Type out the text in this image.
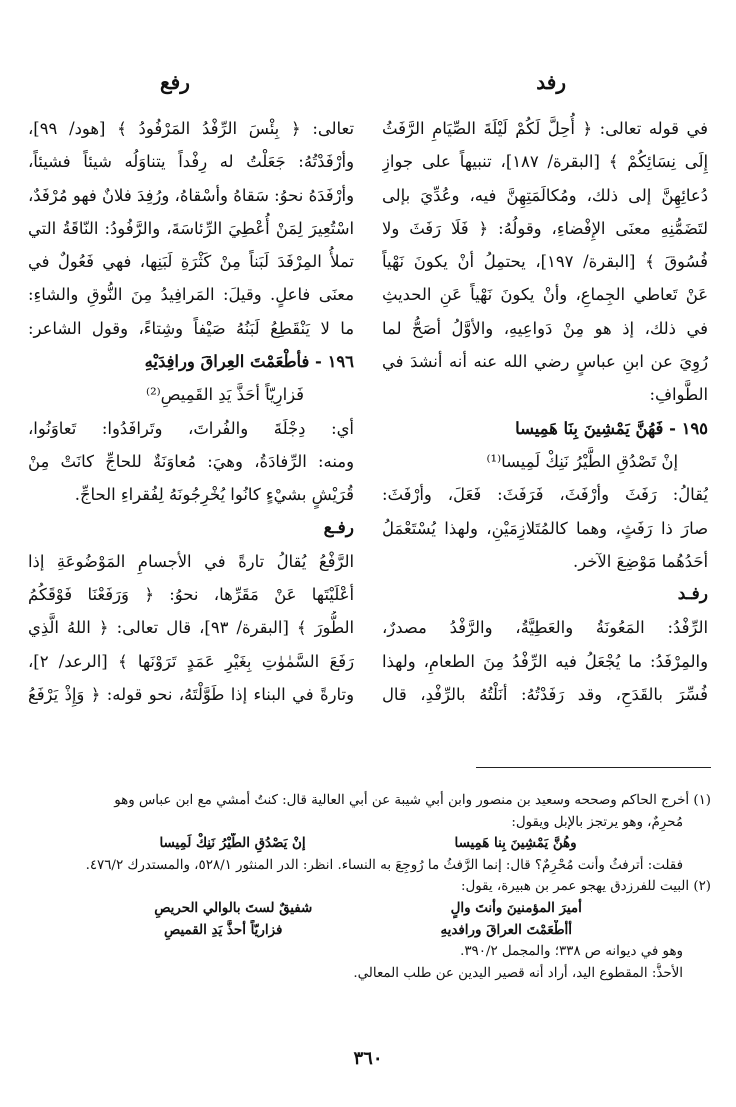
رفد
رفع
في قوله تعالى: ﴿ أُحِلَّ لَكُمْ لَيْلَةَ الصِّيَامِ الرَّفَثُ
إِلَى نِسَائِكُمْ ﴾ [البقرة/ ١٨٧]، تنبيهاً على جوازِ
دُعائِهِنَّ إلى ذلك، ومُكالَمَتِهِنَّ فيه، وعُدِّيَ بإلى
لتَضَمُّنِهِ معنَى الإِفْضاءِ، وقولُهُ: ﴿ فَلَا رَفَثَ ولا
فُسُوقَ ﴾ [البقرة/ ١٩٧]، يحتمِلُ أنْ يكونَ نَهْياً
عَنْ تَعاطي الجِماعِ، وأنْ يكونَ نَهْياً عَنِ الحديثِ
في ذلك، إذ هو مِنْ دَواعِيهِ، والأوَّلُ أصَحُّ لما
رُوِيَ عن ابنِ عباسٍ رضي الله عنه أنه أنشدَ في
الطَّوافِ:
١٩٥ - فَهُنَّ يَمْشِينَ بِنَا هَمِيسا
إنْ تَصْدُقِ الطَّيْرُ نَنِكْ لَمِيسا⁽¹⁾
يُقالُ: رَفَثَ وأرْفَثَ، فَرَفَثَ: فَعَلَ، وأرْفَثَ:
صارَ ذا رَفَثٍ، وهما كالمُتَلازِمَيْنِ، ولهذا يُسْتَعْمَلُ
أحَدُهُما مَوْضِعَ الآخر.
رفـد
الرِّفْدُ: المَعُونَةُ والعَطِيَّةُ، والرَّفْدُ مصدرٌ،
والمِرْفَدُ: ما يُجْعَلُ فيه الرِّفْدُ مِنَ الطعامِ، ولهذا
فُسِّرَ بالقَدَحِ، وقد رَفَدْتُهُ: أنَلْتُهُ بالرِّفْدِ، قال
تعالى: ﴿ بِئْسَ الرِّفْدُ المَرْفُودُ ﴾ [هود/ ٩٩]،
وأرْفَدْتُهُ: جَعَلْتُ له رِفْداً يتناوَلُه شيئاً فشيئاً،
وأرْفَدَهُ نحوُ: سَقاهُ وأسْقاهُ، ورُفِدَ فلانٌ فهو مُرْفَدٌ،
اسْتُعِيرَ لِمَنْ أُعْطِيَ الرِّئاسَةَ، والرَّفُودُ: النّاقَةُ التي
تملأُ المِرْفَدَ لَبَناً مِنْ كَثْرَةِ لَبَنِها، فهي فَعُولٌ في
معنَى فاعلٍ. وقيلَ: المَرافِيدُ مِنَ النُّوقِ والشاءِ:
ما لا يَنْقَطِعُ لَبَنُهُ صَيْفاً وشِتاءً، وقول الشاعر:
١٩٦ - فأطْعَمْتَ العِراقَ ورافِدَيْهِ
فَزارِيّاً أحَذَّ يَدِ القَمِيصِ⁽²⁾
أي: دِجْلَةَ والفُراتَ، وتَرافَدُوا: تَعاوَنُوا،
ومنه: الرِّفادَةُ، وهيَ: مُعاوَنَةٌ للحاجِّ كانَتْ مِنْ
قُرَيْشٍ بشيْءٍ كانُوا يُخْرِجُونَهُ لِفُقراءِ الحاجِّ.
رفـع
الرَّفْعُ يُقالُ تارةً في الأجسامِ المَوْضُوعَةِ إذا
أعْلَيْتَها عَنْ مَقَرِّها، نحوُ: ﴿ وَرَفَعْنَا فَوْقَكُمُ
الطُّورَ ﴾ [البقرة/ ٩٣]، قال تعالى: ﴿ اللهُ الَّذِي
رَفَعَ السَّمٰوٰتِ بِغَيْرِ عَمَدٍ تَرَوْنَها ﴾ [الرعد/ ٢]،
وتارةً في البناء إذا طَوَّلْتَهُ، نحو قوله: ﴿ وَإِذْ يَرْفَعُ
(١) أخرج الحاكم وصححه وسعيد بن منصور وابن أبي شيبة عن أبي العالية قال: كنتُ أمشي مع ابن عباس وهو
مُحرِمٌ، وهو يرتجز بالإبل ويقول:
وهُنَّ يَمْشِينَ بِنا هَمِيسا
إنْ يَصْدُقِ الطَّيْرُ نَنِكْ لَمِيسا
فقلت: أترفثُ وأنت مُحْرِمٌ؟ قال: إنما الرَّفثُ ما رُوجِعَ به النساء. انظر: الدر المنثور ٥٢٨/١، والمستدرك ٤٧٦/٢.
(٢) البيت للفرزدق يهجو عمر بن هبيرة، يقول:
أميرَ المؤمنينَ وأنتَ والٍ
شفيقٌ لستَ بالوالي الحريصِ
أأطْعَمْتَ العراقَ ورافديهِ
فزاريّاً أحذَّ يَدِ القميصِ
وهو في ديوانه ص ٣٣٨؛ والمجمل ٣٩٠/٢.
الأحذُّ: المقطوع اليد، أراد أنه قصير اليدين عن طلب المعالي.
٣٦٠
